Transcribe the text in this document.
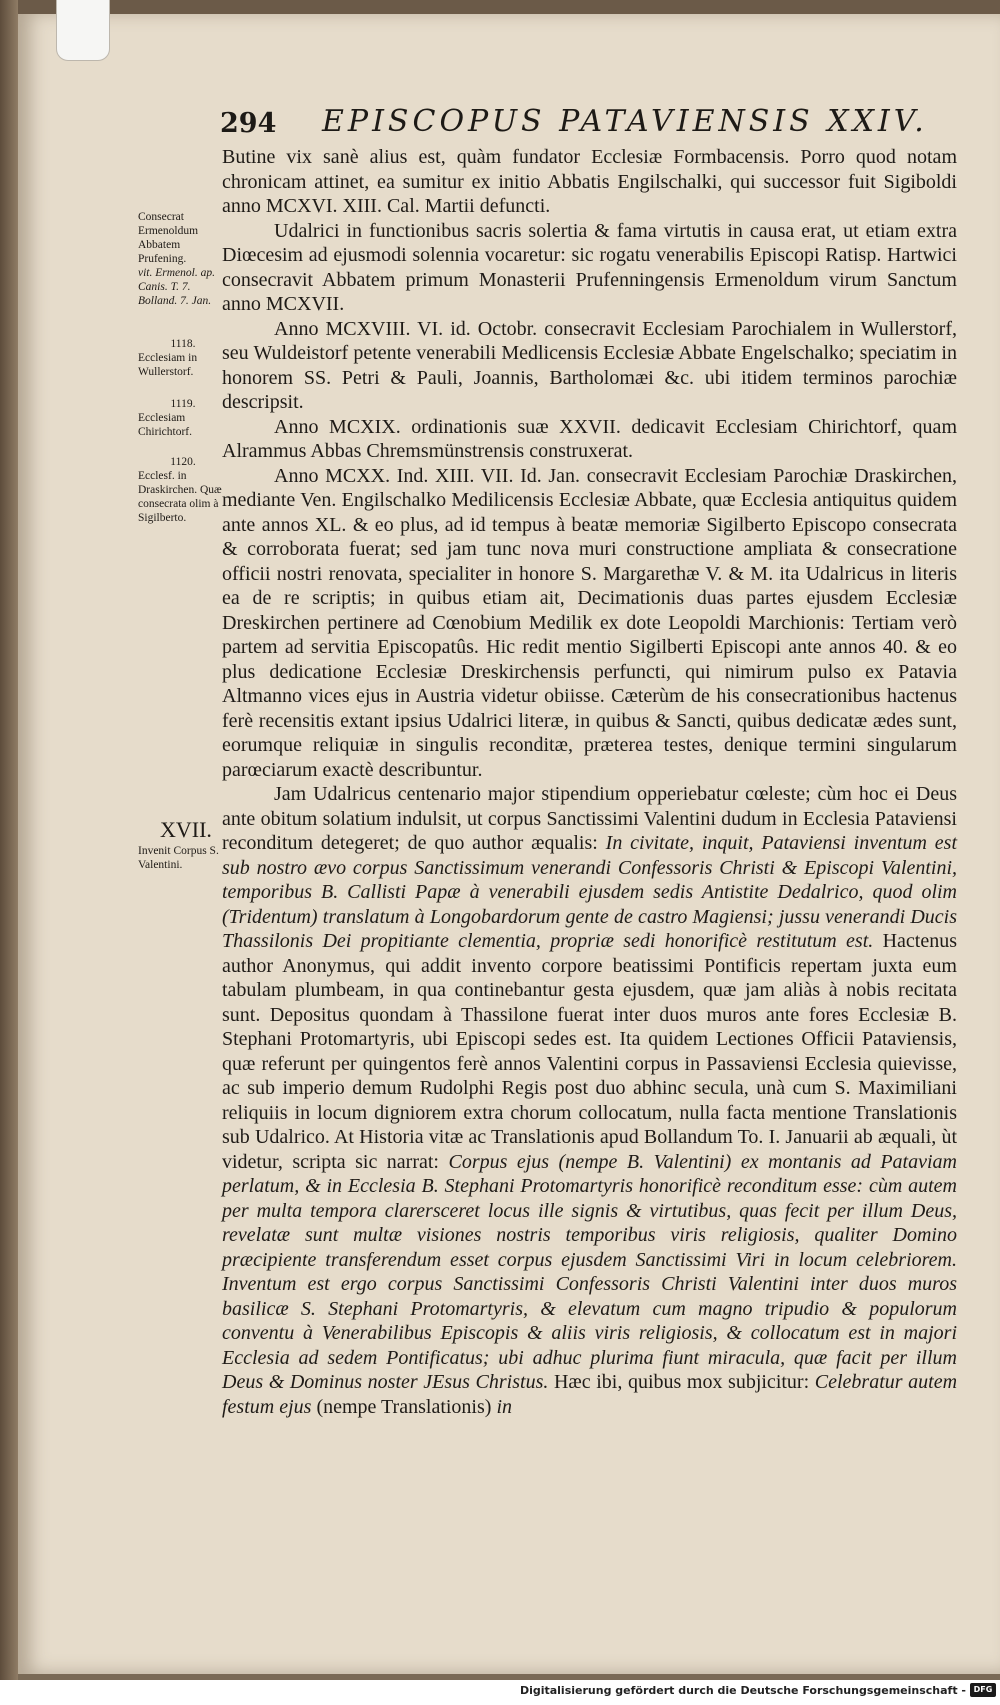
294 EPISCOPUS PATAVIENSIS XXIV.
Consecrat Ermenoldum Abbatem Prufening.
vit. Ermenol. ap. Canis. T. 7. Bolland. 7. Jan.
1118.
Ecclesiam in Wullerstorf.
1119.
Ecclesiam Chirichtorf.
1120.
Ecclesf. in Draskirchen. Quæ consecrata olim à Sigilberto.
XVII.
Invenit Corpus S. Valentini.

Butine vix sanè alius est, quàm fundator Ecclesiæ Formbacensis. Porro quod notam chronicam attinet, ea sumitur ex initio Abbatis Engilschalki, qui successor fuit Sigiboldi anno MCXVI. XIII. Cal. Martii defuncti.

Udalrici in functionibus sacris solertia & fama virtutis in causa erat, ut etiam extra Diœcesim ad ejusmodi solennia vocaretur: sic rogatu venerabilis Episcopi Ratisp. Hartwici consecravit Abbatem primum Monasterii Prufenningensis Ermenoldum virum Sanctum anno MCXVII.

Anno MCXVIII. VI. id. Octobr. consecravit Ecclesiam Parochialem in Wullerstorf, seu Wuldeistorf petente venerabili Medlicensis Ecclesiæ Abbate Engelschalko; speciatim in honorem SS. Petri & Pauli, Joannis, Bartholomæi &c. ubi itidem terminos parochiæ descripsit.

Anno MCXIX. ordinationis suæ XXVII. dedicavit Ecclesiam Chirichtorf, quam Alrammus Abbas Chremsmünstrensis construxerat.

Anno MCXX. Ind. XIII. VII. Id. Jan. consecravit Ecclesiam Parochiæ Draskirchen, mediante Ven. Engilschalko Medilicensis Ecclesiæ Abbate, quæ Ecclesia antiquitus quidem ante annos XL. & eo plus, ad id tempus à beatæ memoriæ Sigilberto Episcopo consecrata & corroborata fuerat; sed jam tunc nova muri constructione ampliata & consecratione officii nostri renovata, specialiter in honore S. Margarethæ V. & M. ita Udalricus in literis ea de re scriptis; in quibus etiam ait, Decimationis duas partes ejusdem Ecclesiæ Dreskirchen pertinere ad Cœnobium Medilik ex dote Leopoldi Marchionis: Tertiam verò partem ad servitia Episcopatûs. Hic redit mentio Sigilberti Episcopi ante annos 40. & eo plus dedicatione Ecclesiæ Dreskirchensis perfuncti, qui nimirum pulso ex Patavia Altmanno vices ejus in Austria videtur obiisse. Cæterùm de his consecrationibus hactenus ferè recensitis extant ipsius Udalrici literæ, in quibus & Sancti, quibus dedicatæ ædes sunt, eorumque reliquiæ in singulis reconditæ, præterea testes, denique termini singularum parœciarum exactè describuntur.

Jam Udalricus centenario major stipendium opperiebatur cœleste; cùm hoc ei Deus ante obitum solatium indulsit, ut corpus Sanctissimi Valentini dudum in Ecclesia Pataviensi reconditum detegeret; de quo author æqualis: In civitate, inquit, Pataviensi inventum est sub nostro ævo corpus Sanctissimum venerandi Confessoris Christi & Episcopi Valentini, temporibus B. Callisti Papæ à venerabili ejusdem sedis Antistite Dedalrico, quod olim (Tridentum) translatum à Longobardorum gente de castro Magiensi; jussu venerandi Ducis Thassilonis Dei propitiante clementia, propriæ sedi honorificè restitutum est. Hactenus author Anonymus, qui addit invento corpore beatissimi Pontificis repertam juxta eum tabulam plumbeam, in qua continebantur gesta ejusdem, quæ jam aliàs à nobis recitata sunt. Depositus quondam à Thassilone fuerat inter duos muros ante fores Ecclesiæ B. Stephani Protomartyris, ubi Episcopi sedes est. Ita quidem Lectiones Officii Pataviensis, quæ referunt per quingentos ferè annos Valentini corpus in Passaviensi Ecclesia quievisse, ac sub imperio demum Rudolphi Regis post duo abhinc secula, unà cum S. Maximiliani reliquiis in locum digniorem extra chorum collocatum, nulla facta mentione Translationis sub Udalrico. At Historia vitæ ac Translationis apud Bollandum To. I. Januarii ab æquali, ùt videtur, scripta sic narrat: Corpus ejus (nempe B. Valentini) ex montanis ad Pataviam perlatum, & in Ecclesia B. Stephani Protomartyris honorificè reconditum esse: cùm autem per multa tempora clarersceret locus ille signis & virtutibus, quas fecit per illum Deus, revelatæ sunt multæ visiones nostris temporibus viris religiosis, qualiter Domino præcipiente transferendum esset corpus ejusdem Sanctissimi Viri in locum celebriorem. Inventum est ergo corpus Sanctissimi Confessoris Christi Valentini inter duos muros basilicæ S. Stephani Protomartyris, & elevatum cum magno tripudio & populorum conventu à Venerabilibus Episcopis & aliis viris religiosis, & collocatum est in majori Ecclesia ad sedem Pontificatus; ubi adhuc plurima fiunt miracula, quæ facit per illum Deus & Dominus noster JEsus Christus. Hæc ibi, quibus mox subjicitur: Celebratur autem festum ejus (nempe Translationis) in

Digitalisierung gefördert durch die Deutsche Forschungsgemeinschaft - DFG
